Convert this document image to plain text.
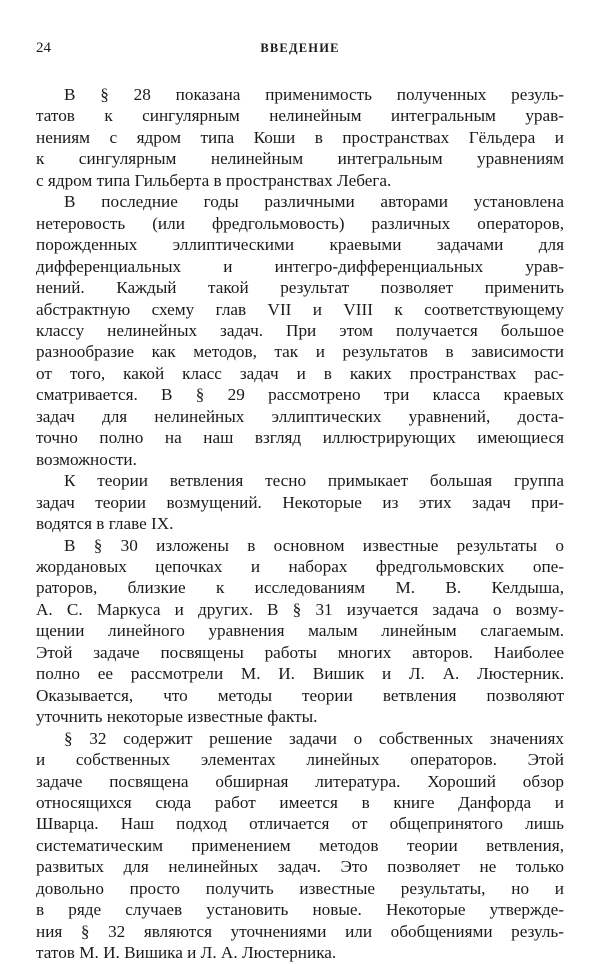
24	ВВЕДЕНИЕ

В § 28 показана применимость полученных резуль-
татов к сингулярным нелинейным интегральным урав-
нениям с ядром типа Коши в пространствах Гёльдера и
к сингулярным нелинейным интегральным уравнениям
с ядром типа Гильберта в пространствах Лебега.

В последние годы различными авторами установлена
нетеровость (или фредгольмовость) различных операторов,
порожденных эллиптическими краевыми задачами для
дифференциальных и интегро-дифференциальных урав-
нений. Каждый такой результат позволяет применить
абстрактную схему глав VII и VIII к соответствующему
классу нелинейных задач. При этом получается большое
разнообразие как методов, так и результатов в зависимости
от того, какой класс задач и в каких пространствах рас-
сматривается. В § 29 рассмотрено три класса краевых
задач для нелинейных эллиптических уравнений, доста-
точно полно на наш взгляд иллюстрирующих имеющиеся
возможности.

К теории ветвления тесно примыкает большая группа
задач теории возмущений. Некоторые из этих задач при-
водятся в главе IX.

В § 30 изложены в основном известные результаты о
жордановых цепочках и наборах фредгольмовских опе-
раторов, близкие к исследованиям М. В. Келдыша,
А. С. Маркуса и других. В § 31 изучается задача о возму-
щении линейного уравнения малым линейным слагаемым.
Этой задаче посвящены работы многих авторов. Наиболее
полно ее рассмотрели М. И. Вишик и Л. А. Люстерник.
Оказывается, что методы теории ветвления позволяют
уточнить некоторые известные факты.

§ 32 содержит решение задачи о собственных значениях
и собственных элементах линейных операторов. Этой
задаче посвящена обширная литература. Хороший обзор
относящихся сюда работ имеется в книге Данфорда и
Шварца. Наш подход отличается от общепринятого лишь
систематическим применением методов теории ветвления,
развитых для нелинейных задач. Это позволяет не только
довольно просто получить известные результаты, но и
в ряде случаев установить новые. Некоторые утвержде-
ния § 32 являются уточнениями или обобщениями резуль-
татов М. И. Вишика и Л. А. Люстерника.
